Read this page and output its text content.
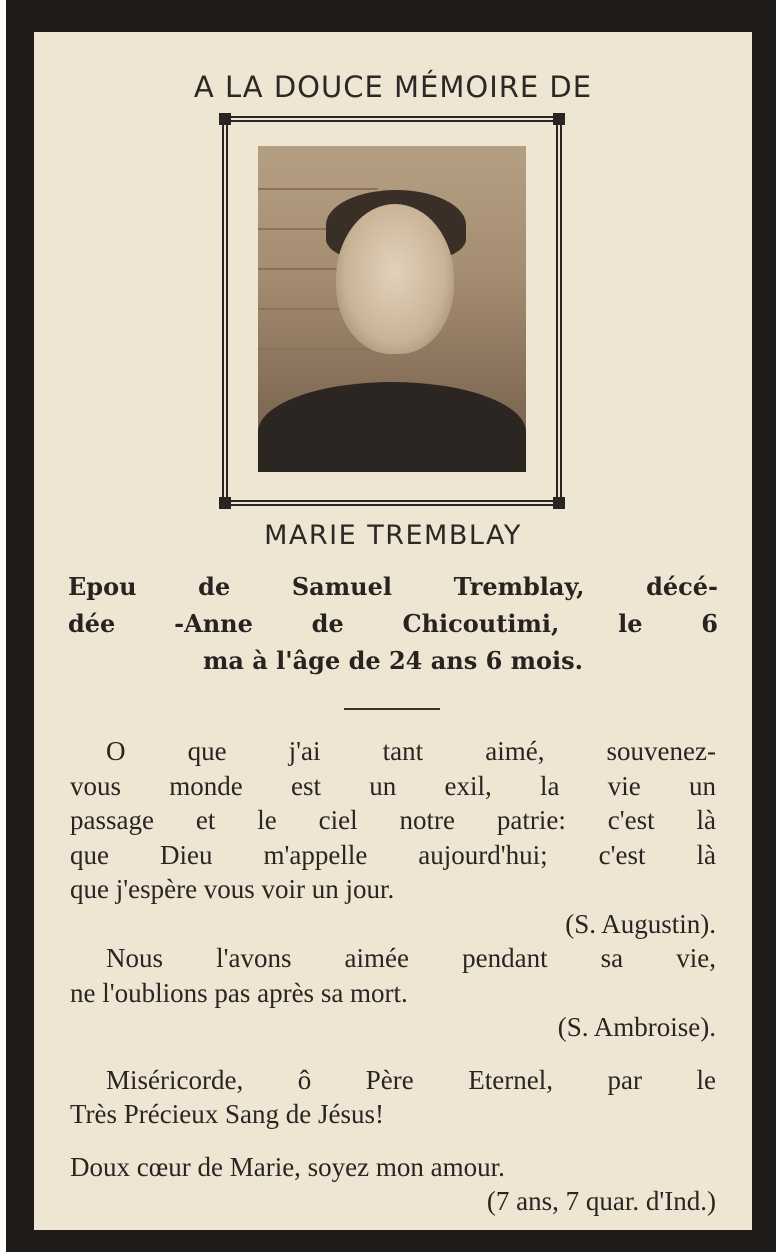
A LA DOUCE MÉMOIRE DE
MARIE TREMBLAY
Epou de Samuel Tremblay, décé-
dée -Anne de Chicoutimi, le 6
ma à l'âge de 24 ans 6 mois.
O que j'ai tant aimé, souvenez-
vous monde est un exil, la vie un
passage et le ciel notre patrie: c'est là
que Dieu m'appelle aujourd'hui; c'est là
que j'espère vous voir un jour.
(S. Augustin).
Nous l'avons aimée pendant sa vie,
ne l'oublions pas après sa mort.
(S. Ambroise).
Miséricorde, ô Père Eternel, par le
Très Précieux Sang de Jésus!
Doux cœur de Marie, soyez mon amour.
(7 ans, 7 quar. d'Ind.)
